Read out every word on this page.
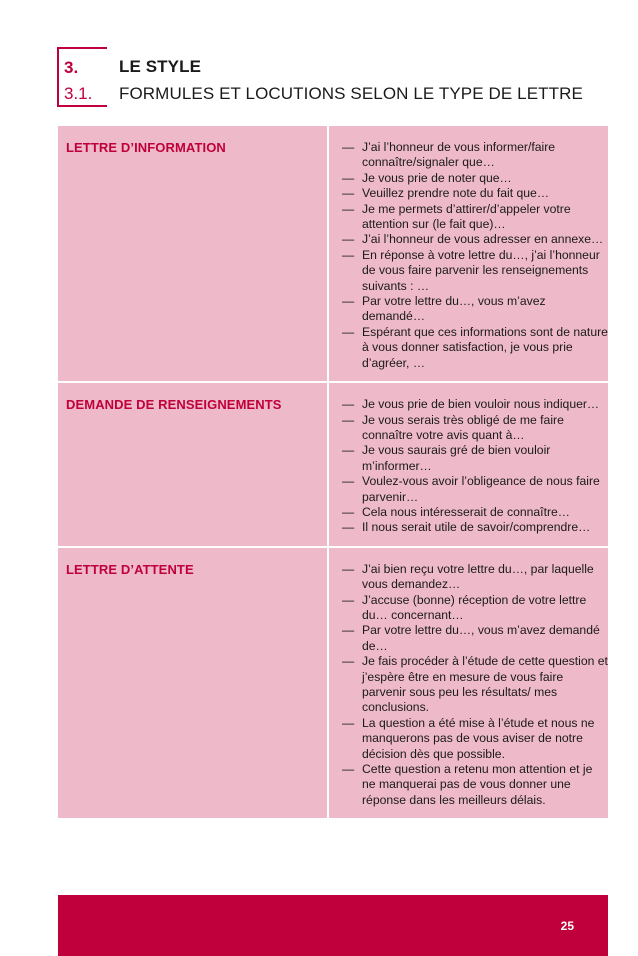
3.
3.1.
LE STYLE
FORMULES ET LOCUTIONS SELON LE TYPE DE LETTRE
LETTRE D’INFORMATION	— J’ai l’honneur de vous informer/faire connaître/signaler que…
— Je vous prie de noter que…
— Veuillez prendre note du fait que…
— Je me permets d’attirer/d’appeler votre attention sur (le fait que)…
— J’ai l’honneur de vous adresser en annexe…
— En réponse à votre lettre du…, j’ai l’honneur de vous faire parvenir les renseignements suivants : …
— Par votre lettre du…, vous m’avez demandé…
— Espérant que ces informations sont de nature à vous donner satisfaction, je vous prie d’agréer, …
DEMANDE DE RENSEIGNEMENTS	— Je vous prie de bien vouloir nous indiquer…
— Je vous serais très obligé de me faire connaître votre avis quant à…
— Je vous saurais gré de bien vouloir m’informer…
— Voulez-vous avoir l’obligeance de nous faire parvenir…
— Cela nous intéresserait de connaître…
— Il nous serait utile de savoir/comprendre…
LETTRE D’ATTENTE	— J’ai bien reçu votre lettre du…, par laquelle vous demandez…
— J’accuse (bonne) réception de votre lettre du… concernant…
— Par votre lettre du…, vous m’avez demandé de…
— Je fais procéder à l’étude de cette question et j’espère être en mesure de vous faire parvenir sous peu les résultats/ mes conclusions.
— La question a été mise à l’étude et nous ne manquerons pas de vous aviser de notre décision dès que possible.
— Cette question a retenu mon attention et je ne manquerai pas de vous donner une réponse dans les meilleurs délais.
25
